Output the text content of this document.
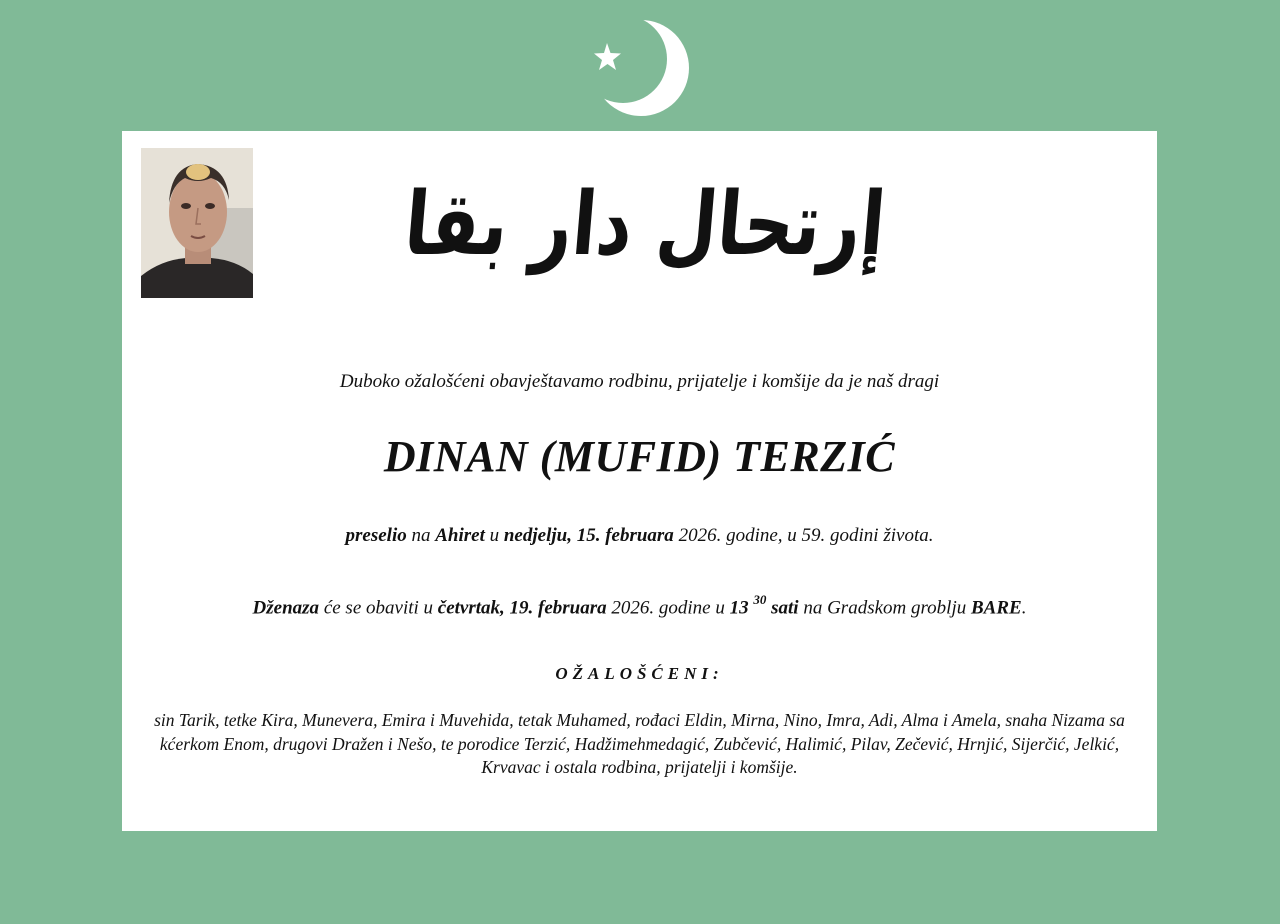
إرتحال دار بقا
Duboko ožalošćeni obavještavamo rodbinu, prijatelje i komšije da je naš dragi
DINAN (MUFID) TERZIĆ
preselio na Ahiret u nedjelju, 15. februara 2026. godine, u 59. godini života.
Dženaza će se obaviti u četvrtak, 19. februara 2026. godine u 13 $^{30}$ sati na Gradskom groblju BARE.
OŽALOŠĆENI:
sin Tarik, tetke Kira, Munevera, Emira i Muvehida, tetak Muhamed, rođaci Eldin, Mirna, Nino, Imra, Adi, Alma i Amela, snaha Nizama sa kćerkom Enom, drugovi Dražen i Nešo, te porodice Terzić, Hadžimehmedagić, Zubčević, Halimić, Pilav, Zečević, Hrnjić, Sijerčić, Jelkić, Krvavac i ostala rodbina, prijatelji i komšije.
